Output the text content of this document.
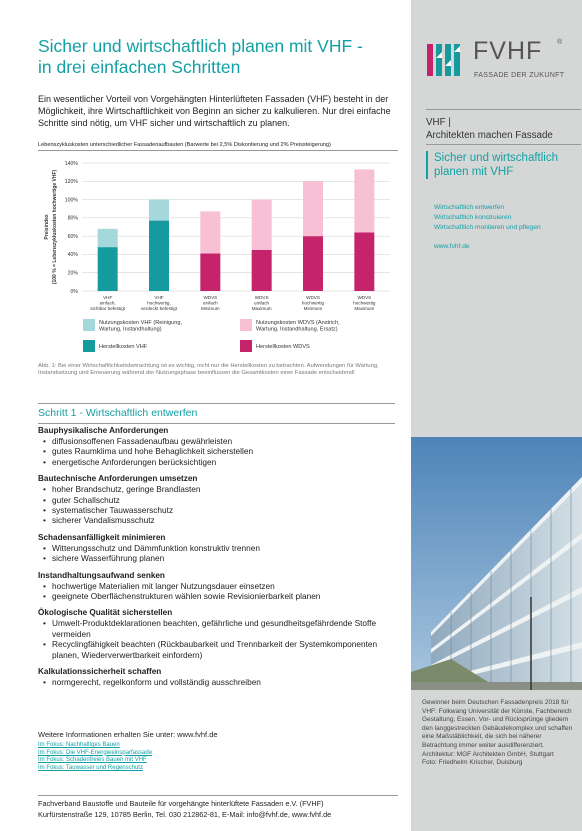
Sicher und wirtschaftlich planen mit VHF -
in drei einfachen Schritten

Ein wesentlicher Vorteil von Vorgehängten Hinterlüfteten Fassaden (VHF) besteht in der Möglichkeit, ihre Wirtschaftlichkeit von Beginn an sicher zu kalkulieren. Nur drei einfache Schritte sind nötig, um VHF sicher und wirtschaftlich zu planen.

Lebenszykluskosten unterschiedlicher Fassadenaufbauten (Barwerte bei 2,5% Diskontierung und 2% Preissteigerung)
0%
20%
40%
60%
80%
100%
120%
140%
Preisindex (100 % = Lebenszykluskosten hochwertige VHF)
VHF
einfach,
sichtbar befestigt
VHF
hochwertig,
verdeckt befestigt
WDVS
einfach
Minimum
WDVS
einfach
Maximum
WDVS
hochwertig
Minimum
WDVS
hochwertig
Maximum
Nutzungskosten VHF (Reinigung,
Wartung, Instandhaltung)
Nutzungskosten WDVS (Anstrich,
Wartung, Instandhaltung, Ersatz)
Herstellkosten VHF	Herstellkosten WDVS

Abb. 1: Bei einer Wirtschaftlichkeitsbetrachtung ist es wichtig, nicht nur die Herstellkosten zu betrachten. Aufwendungen für Wartung, Instandsetzung und Erneuerung während der Nutzungsphase beeinflussen die Gesamtkosten einer Fassade entscheidend!

Schritt 1 - Wirtschaftlich entwerfen
Bauphysikalische Anforderungen
• diffusionsoffenen Fassadenaufbau gewährleisten
• gutes Raumklima und hohe Behaglichkeit sicherstellen
• energetische Anforderungen berücksichtigen
Bautechnische Anforderungen umsetzen
• hoher Brandschutz, geringe Brandlasten
• guter Schallschutz
• systematischer Tauwasserschutz
• sicherer Vandalismusschutz
Schadensanfälligkeit minimieren
• Witterungsschutz und Dämmfunktion konstruktiv trennen
• sichere Wasserführung planen
Instandhaltungsaufwand senken
• hochwertige Materialien mit langer Nutzungsdauer einsetzen
• geeignete Oberflächenstrukturen wählen sowie Revisionierbarkeit planen
Ökologische Qualität sicherstellen
• Umwelt-Produktdeklarationen beachten, gefährliche und gesundheitsgefährdende Stoffe vermeiden
• Recyclingfähigkeit beachten (Rückbaubarkeit und Trennbarkeit der Systemkomponenten planen, Wiederverwertbarkeit einfordern)
Kalkulationssicherheit schaffen
• normgerecht, regelkonform und vollständig ausschreiben
Weitere Informationen erhalten Sie unter: www.fvhf.de
Im Fokus: Nachhaltiges Bauen
Im Fokus: Die VHF-Energieeinsparfassade
Im Fokus: Schadenfreies Bauen mit VHF
Im Fokus: Tauwasser und Regenschutz
Fachverband Baustoffe und Bauteile für vorgehängte hinterlüftete Fassaden e.V. (FVHF)
Kurfürstenstraße 129, 10785 Berlin, Tel. 030 212862-81, E-Mail: info@fvhf.de, www.fvhf.de
FVHF ®
FASSADE DER ZUKUNFT
VHF |
Architekten machen Fassade
Sicher und wirtschaftlich
planen mit VHF
Wirtschaftlich entwerfen
Wirtschaftlich konstruieren
Wirtschaftlich montieren und pflegen
www.fvhf.de
Gewinner beim Deutschen Fassadenpreis 2018 für VHF: Folkwang Universität der Künste, Fachbereich Gestaltung, Essen. Vor- und Rücksprünge gliedern den langgestreckten Gebäudekomplex und schaffen eine Maßstäblichkeit, die sich bei näherer Betrachtung immer weiter ausdifferenziert.
Architektur: MGF Architekten GmbH, Stuttgart
Foto: Friedhelm Krischer, Duisburg
